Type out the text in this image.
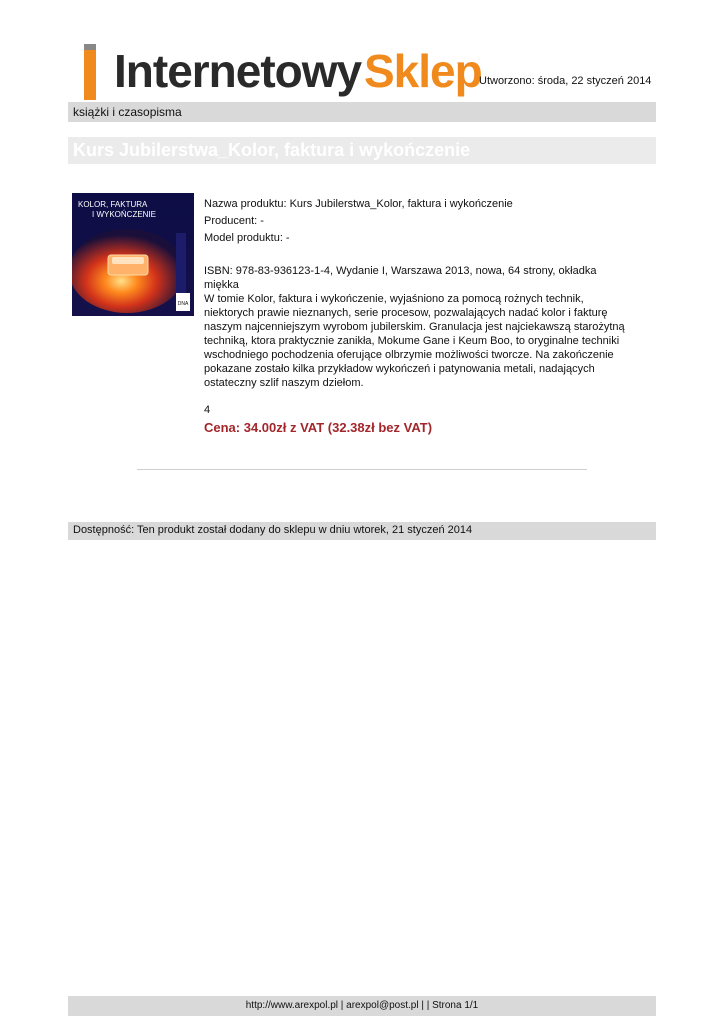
Internetowy Sklep
Utworzono: środa, 22 styczeń 2014
książki i czasopisma
Kurs Jubilerstwa_Kolor, faktura i wykończenie
DNA
KOLOR, FAKTURA
I WYKOŃCZENIE
Nazwa produktu: Kurs Jubilerstwa_Kolor, faktura i wykończenie
Producent: -
Model produktu: -
ISBN: 978-83-936123-1-4, Wydanie I, Warszawa 2013, nowa, 64 strony, okładka
miękka
W tomie Kolor, faktura i wykończenie, wyjaśniono za pomocą rożnych technik,
niektorych prawie nieznanych, serie procesow, pozwalających nadać kolor i fakturę
naszym najcenniejszym wyrobom jubilerskim. Granulacja jest najciekawszą starożytną
techniką, ktora praktycznie zanikła, Mokume Gane i Keum Boo, to oryginalne techniki
wschodniego pochodzenia oferujące olbrzymie możliwości tworcze. Na zakończenie
pokazane zostało kilka przykładow wykończeń i patynowania metali, nadających
ostateczny szlif naszym dziełom.
4
Cena: 34.00zł z VAT (32.38zł bez VAT)
Dostępność: Ten produkt został dodany do sklepu w dniu wtorek, 21 styczeń 2014
http://www.arexpol.pl | arexpol@post.pl | | Strona 1/1
